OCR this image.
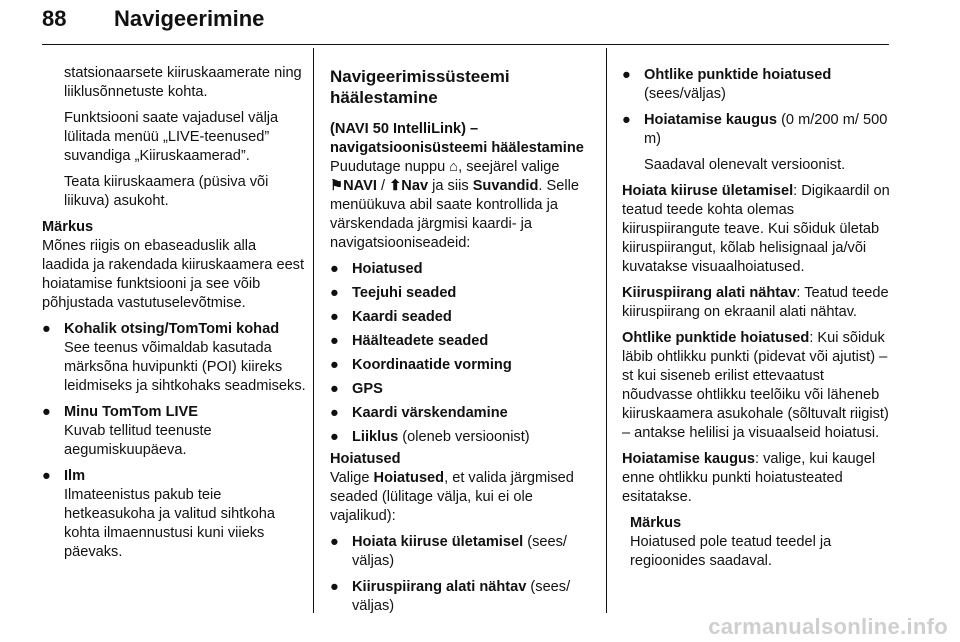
88 Navigeerimine

statsionaarsete kiiruskaamerate ning liiklusõnnetuste kohta.

Funktsiooni saate vajadusel välja lülitada menüü „LIVE-teenused” suvandiga „Kiiruskaamerad”.

Teata kiiruskaamera (püsiva või liikuva) asukoht.

Märkus

Mõnes riigis on ebaseaduslik alla laadida ja rakendada kiiruskaamera eest hoiatamise funktsiooni ja see võib põhjustada vastutuselevõtmise.

● Kohalik otsing/TomTomi kohad

See teenus võimaldab kasutada märksõna huvipunkti (POI) kiireks leidmiseks ja sihtkohaks seadmiseks.

● Minu TomTom LIVE

Kuvab tellitud teenuste aegumiskuupäeva.

● Ilm

Ilmateenistus pakub teie hetkeasukoha ja valitud sihtkoha kohta ilmaennustusi kuni viieks päevaks.

Navigeerimissüsteemi häälestamine

(NAVI 50 IntelliLink) – navigatsioonisüsteemi häälestamine

Puudutage nuppu ⌂, seejärel valige ⚑NAVI / ⬆Nav ja siis Suvandid. Selle menüükuva abil saate kontrollida ja värskendada järgmisi kaardi- ja navigatsiooniseadeid:

● Hoiatused

● Teejuhi seaded

● Kaardi seaded

● Häälteadete seaded

● Koordinaatide vorming

● GPS

● Kaardi värskendamine

● Liiklus (oleneb versioonist)

Hoiatused

Valige Hoiatused, et valida järgmised seaded (lülitage välja, kui ei ole vajalikud):

● Hoiata kiiruse ületamisel (sees/ väljas)

● Kiiruspiirang alati nähtav (sees/ väljas)

● Ohtlike punktide hoiatused

(sees/väljas)

● Hoiatamise kaugus (0 m/200 m/ 500 m)

Saadaval olenevalt versioonist.

Hoiata kiiruse ületamisel: Digikaardil on teatud teede kohta olemas kiiruspiirangute teave. Kui sõiduk ületab kiiruspiirangut, kõlab helisignaal ja/või kuvatakse visuaalhoiatused.

Kiiruspiirang alati nähtav: Teatud teede kiiruspiirang on ekraanil alati nähtav.

Ohtlike punktide hoiatused: Kui sõiduk läbib ohtlikku punkti (pidevat või ajutist) – st kui siseneb erilist ettevaatust nõudvasse ohtlikku teelõiku või läheneb kiiruskaamera asukohale (sõltuvalt riigist) – antakse helilisi ja visuaalseid hoiatusi.

Hoiatamise kaugus: valige, kui kaugel enne ohtlikku punkti hoiatusteated esitatakse.

Märkus

Hoiatused pole teatud teedel ja regioonides saadaval.

carmanualsonline.info
